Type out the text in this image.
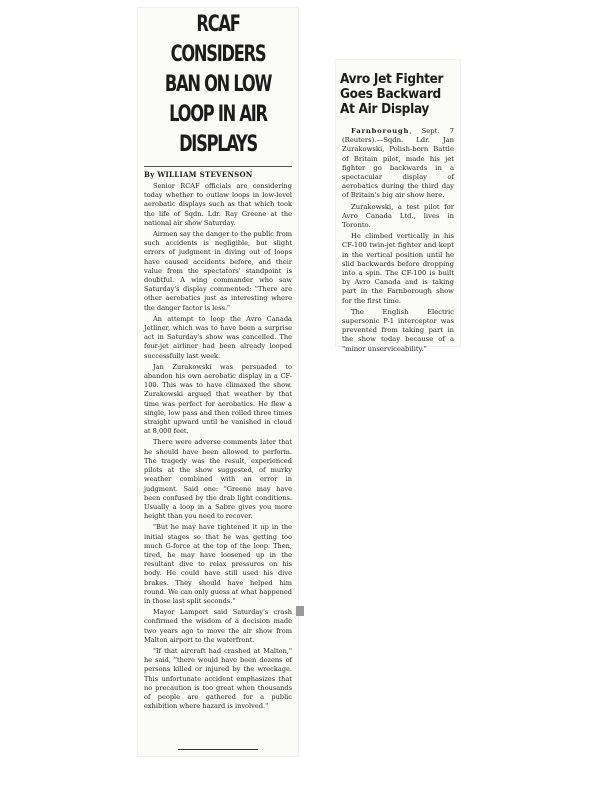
RCAF CONSIDERS BAN ON LOW LOOP IN AIR DISPLAYS
By WILLIAM STEVENSON

Senior RCAF officials are considering today whether to outlaw loops in low-level aerobatic displays such as that which took the life of Sqdn. Ldr. Ray Greene at the national air show Saturday.

Airmen say the danger to the public from such accidents is negligible, but slight errors of judgment in diving out of loops have caused accidents before, and their value from the spectators' standpoint is doubtful. A wing commander who saw Saturday's display commented: "There are other aerobatics just as interesting where the danger factor is less."

An attempt to loop the Avro Canada Jetliner, which was to have been a surprise act in Saturday's show was cancelled. The four-jet airliner had been already looped successfully last week.

Jan Zurakowski was persuaded to abandon his own aerobatic display in a CF-100. This was to have climaxed the show. Zurakowski argued that weather by that time was perfect for aerobatics. He flew a single, low pass and then rolled three times straight upward until he vanished in cloud at 8,000 feet.

There were adverse comments later that he should have been allowed to perform. The tragedy was the result, experienced pilots at the show suggested, of murky weather combined with an error in judgment. Said one: "Greene may have been confused by the drab light conditions. Usually a loop in a Sabre gives you more height than you need to recover.

"But he may have tightened it up in the initial stages so that he was getting too much G-force at the top of the loop. Then, tired, he may have loosened up in the resultant dive to relax pressures on his body. He could have still used his dive brakes. They should have helped him round. We can only guess at what happened in those last split seconds."

Mayor Lamport said Saturday's crash confirmed the wisdom of a decision made two years ago to move the air show from Malton airport to the waterfront.

"If that aircraft had crashed at Malton," he said, "there would have been dozens of persons killed or injured by the wreckage. This unfortunate accident emphasizes that no precaution is too great when thousands of people are gathered for a public exhibition where hazard is involved."

Avro Jet Fighter Goes Backward At Air Display

Farnborough, Sept. 7 (Reuters).—Sqdn. Ldr. Jan Zurakowski, Polish-born Battle of Britain pilot, made his jet fighter go backwards in a spectacular display of aerobatics during the third day of Britain's big air show here.

Zurakowski, a test pilot for Avro Canada Ltd., lives in Toronto.

He climbed vertically in his CF-100 twin-jet fighter and kept in the vertical position until he slid backwards before dropping into a spin. The CF-100 is built by Avro Canada and is taking part in the Farnborough show for the first time.

The English Electric supersonic P-1 interceptor was prevented from taking part in the show today because of a "minor unserviceability."
